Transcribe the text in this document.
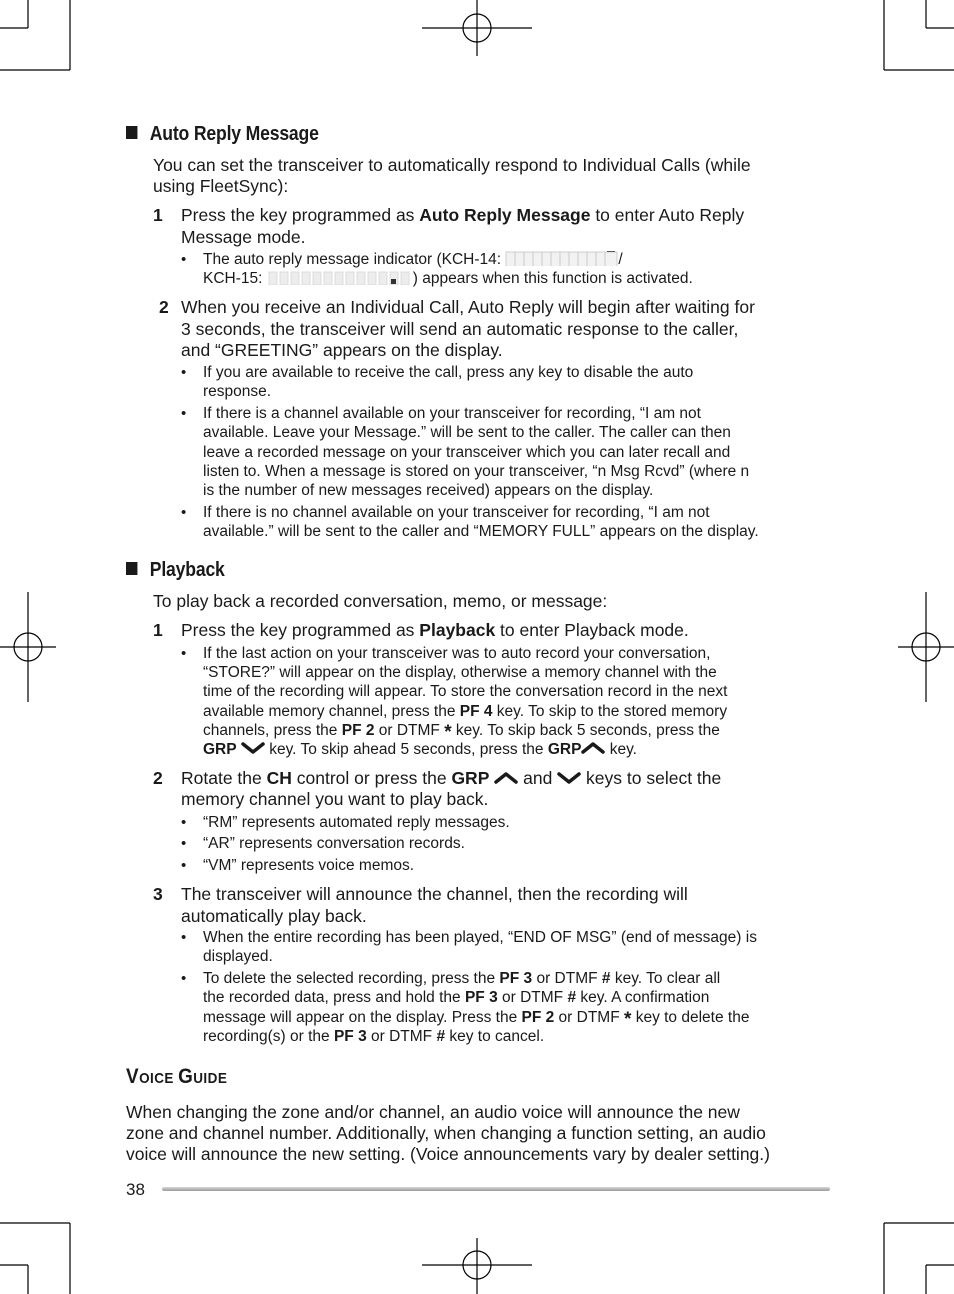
Auto Reply Message
You can set the transceiver to automatically respond to Individual Calls (while
using FleetSync):
1 Press the key programmed as Auto Reply Message to enter Auto Reply
Message mode.
• The auto reply message indicator (KCH-14:	/
KCH-15:	) appears when this function is activated.
2 When you receive an Individual Call, Auto Reply will begin after waiting for
3 seconds, the transceiver will send an automatic response to the caller,
and “GREETING” appears on the display.
• If you are available to receive the call, press any key to disable the auto
response.
• If there is a channel available on your transceiver for recording, “I am not
available. Leave your Message.” will be sent to the caller. The caller can then
leave a recorded message on your transceiver which you can later recall and
listen to. When a message is stored on your transceiver, “n Msg Rcvd” (where n
is the number of new messages received) appears on the display.
• If there is no channel available on your transceiver for recording, “I am not
available.” will be sent to the caller and “MEMORY FULL” appears on the display.
Playback
To play back a recorded conversation, memo, or message:
1 Press the key programmed as Playback to enter Playback mode.
• If the last action on your transceiver was to auto record your conversation,
“STORE?” will appear on the display, otherwise a memory channel with the
time of the recording will appear. To store the conversation record in the next
available memory channel, press the PF 4 key. To skip to the stored memory
channels, press the PF 2 or DTMF * key. To skip back 5 seconds, press the
GRP  key. To skip ahead 5 seconds, press the GRP key.
2 Rotate the CH control or press the GRP  and  keys to select the
memory channel you want to play back.
• “RM” represents automated reply messages.
• “AR” represents conversation records.
• “VM” represents voice memos.
3 The transceiver will announce the channel, then the recording will
automatically play back.
• When the entire recording has been played, “END OF MSG” (end of message) is
displayed.
• To delete the selected recording, press the PF 3 or DTMF # key. To clear all
the recorded data, press and hold the PF 3 or DTMF # key. A confirmation
message will appear on the display. Press the PF 2 or DTMF * key to delete the
recording(s) or the PF 3 or DTMF # key to cancel.
VOICE GUIDE
When changing the zone and/or channel, an audio voice will announce the new
zone and channel number. Additionally, when changing a function setting, an audio
voice will announce the new setting. (Voice announcements vary by dealer setting.)
38
